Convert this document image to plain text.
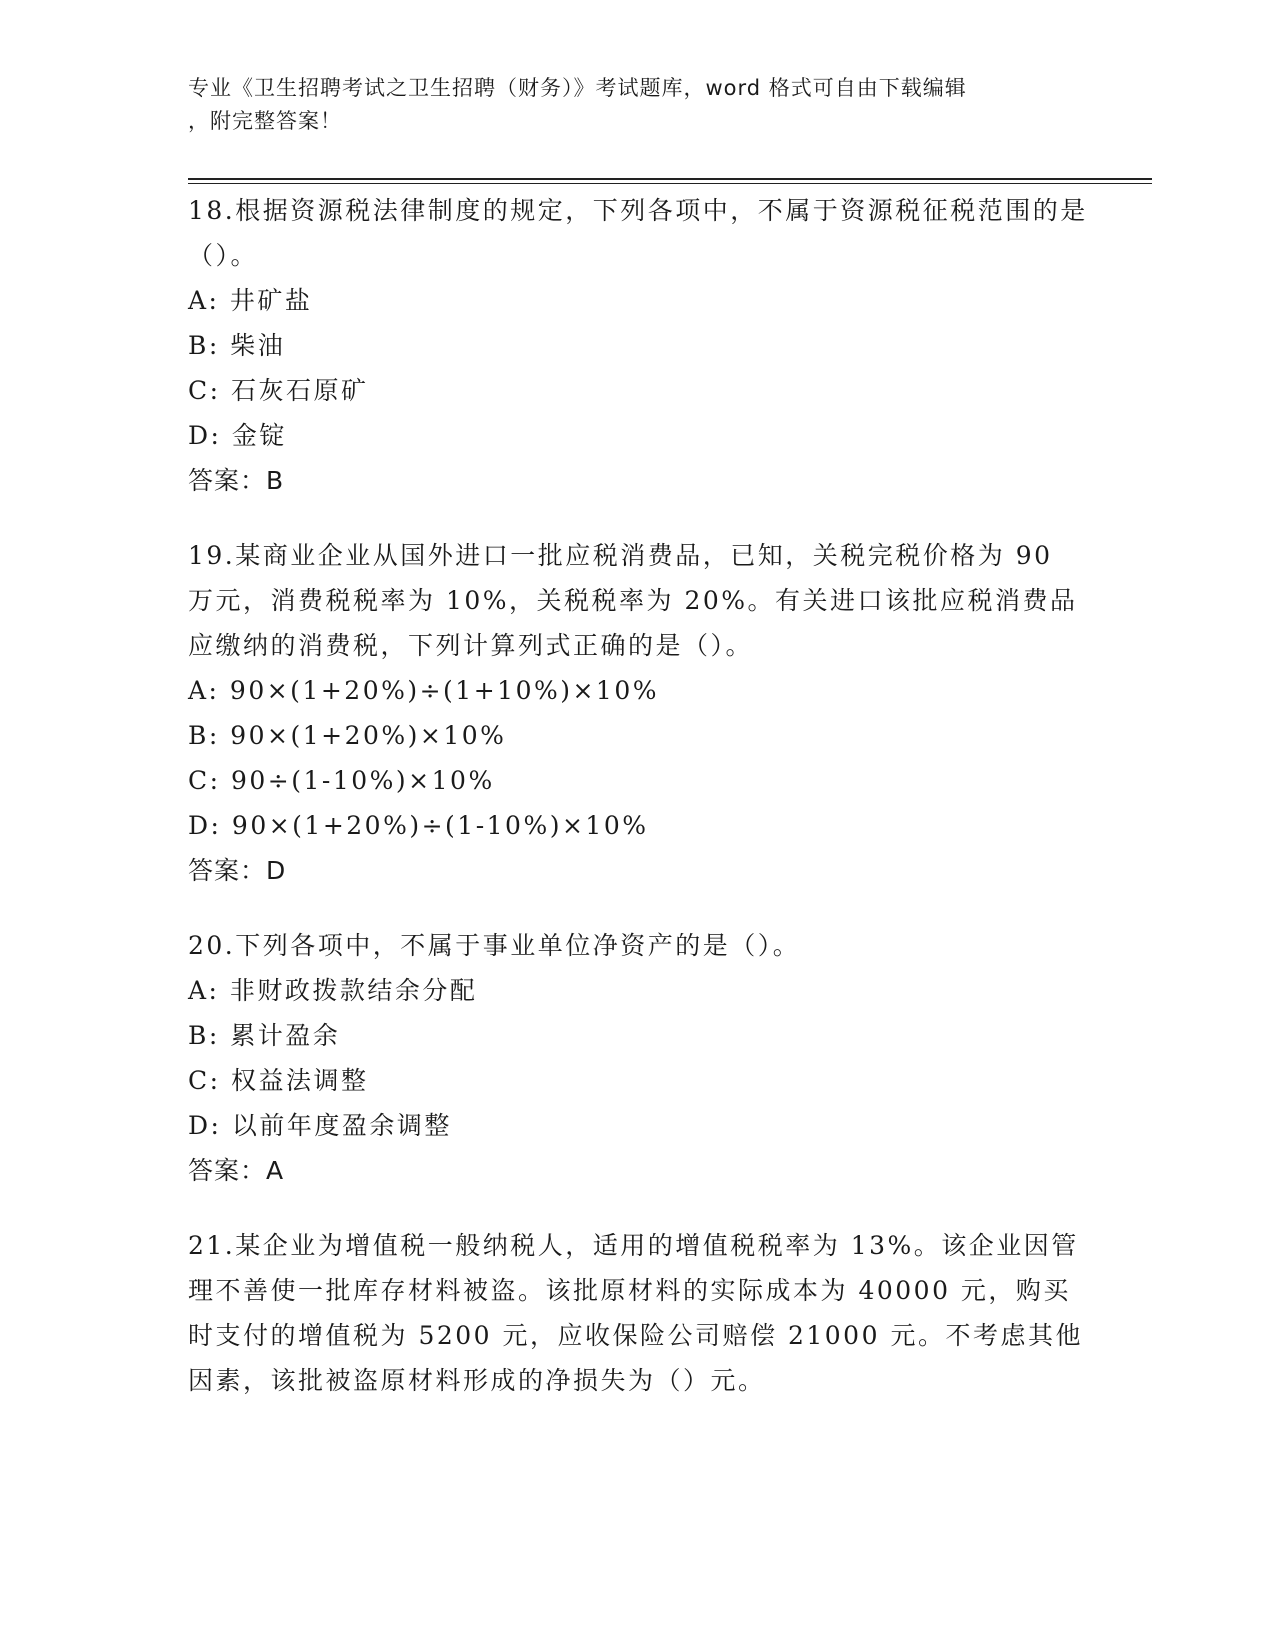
专业《卫生招聘考试之卫生招聘（财务）》考试题库，word 格式可自由下载编辑
，附完整答案！
18.根据资源税法律制度的规定，下列各项中，不属于资源税征税范围的是（）。
A: 井矿盐
B: 柴油
C: 石灰石原矿
D: 金锭
答案：B
19.某商业企业从国外进口一批应税消费品，已知，关税完税价格为 90 万元，消费税税率为 10%，关税税率为 20%。有关进口该批应税消费品应缴纳的消费税，下列计算列式正确的是（）。
A: 90×(1+20%)÷(1+10%)×10%
B: 90×(1+20%)×10%
C: 90÷(1-10%)×10%
D: 90×(1+20%)÷(1-10%)×10%
答案：D
20.下列各项中，不属于事业单位净资产的是（）。
A: 非财政拨款结余分配
B: 累计盈余
C: 权益法调整
D: 以前年度盈余调整
答案：A
21.某企业为增值税一般纳税人，适用的增值税税率为 13%。该企业因管理不善使一批库存材料被盗。该批原材料的实际成本为 40000 元，购买时支付的增值税为 5200 元，应收保险公司赔偿 21000 元。不考虑其他因素，该批被盗原材料形成的净损失为（）元。
